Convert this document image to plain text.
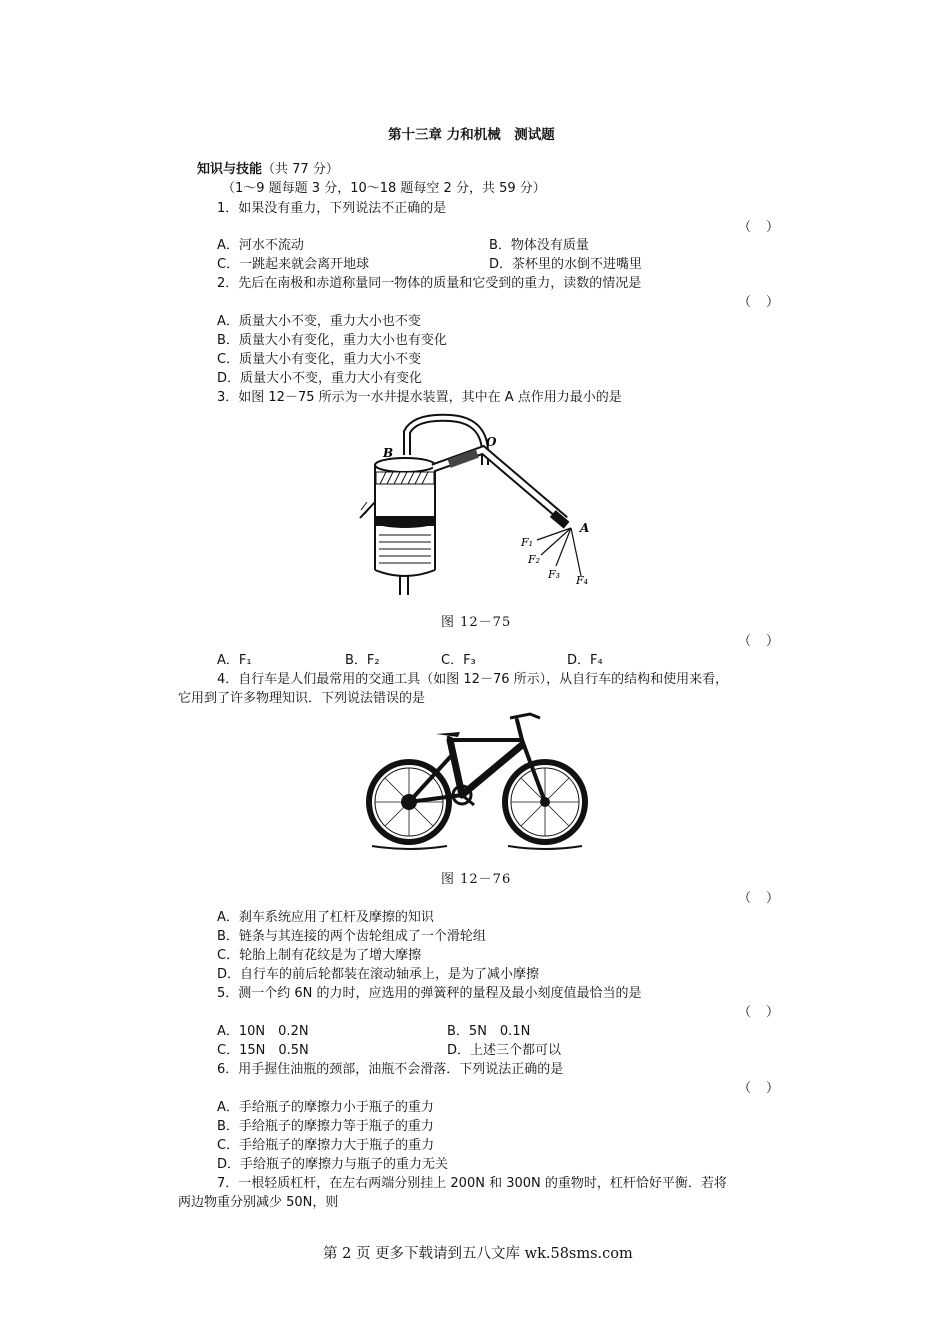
第十三章 力和机械　测试题
知识与技能（共 77 分）
（1～9 题每题 3 分，10～18 题每空 2 分，共 59 分）
1．如果没有重力，下列说法不正确的是
（　）
A．河水不流动	B．物体没有质量
C．一跳起来就会离开地球	D．茶杯里的水倒不进嘴里
2．先后在南极和赤道称量同一物体的质量和它受到的重力，读数的情况是
（　）
A．质量大小不变，重力大小也不变
B．质量大小有变化，重力大小也有变化
C．质量大小有变化，重力大小不变
D．质量大小不变，重力大小有变化
3．如图 12－75 所示为一水井提水装置，其中在 A 点作用力最小的是
B
O
A
F₁
F₂
F₃ F₄
图 12－75
（　）
A．F₁	B．F₂	C．F₃	D．F₄
4．自行车是人们最常用的交通工具（如图 12－76 所示），从自行车的结构和使用来看，
它用到了许多物理知识．下列说法错误的是
图 12－76
（　）
A．刹车系统应用了杠杆及摩擦的知识
B．链条与其连接的两个齿轮组成了一个滑轮组
C．轮胎上制有花纹是为了增大摩擦
D．自行车的前后轮都装在滚动轴承上，是为了减小摩擦
5．测一个约 6N 的力时，应选用的弹簧秤的量程及最小刻度值最恰当的是
（　）
A．10N　0.2N	B．5N　0.1N
C．15N　0.5N	D．上述三个都可以
6．用手握住油瓶的颈部，油瓶不会滑落．下列说法正确的是
（　）
A．手给瓶子的摩擦力小于瓶子的重力
B．手给瓶子的摩擦力等于瓶子的重力
C．手给瓶子的摩擦力大于瓶子的重力
D．手给瓶子的摩擦力与瓶子的重力无关
7．一根轻质杠杆，在左右两端分别挂上 200N 和 300N 的重物时，杠杆恰好平衡．若将
两边物重分别减少 50N，则
第 2 页 更多下载请到五八文库 wk.58sms.com
